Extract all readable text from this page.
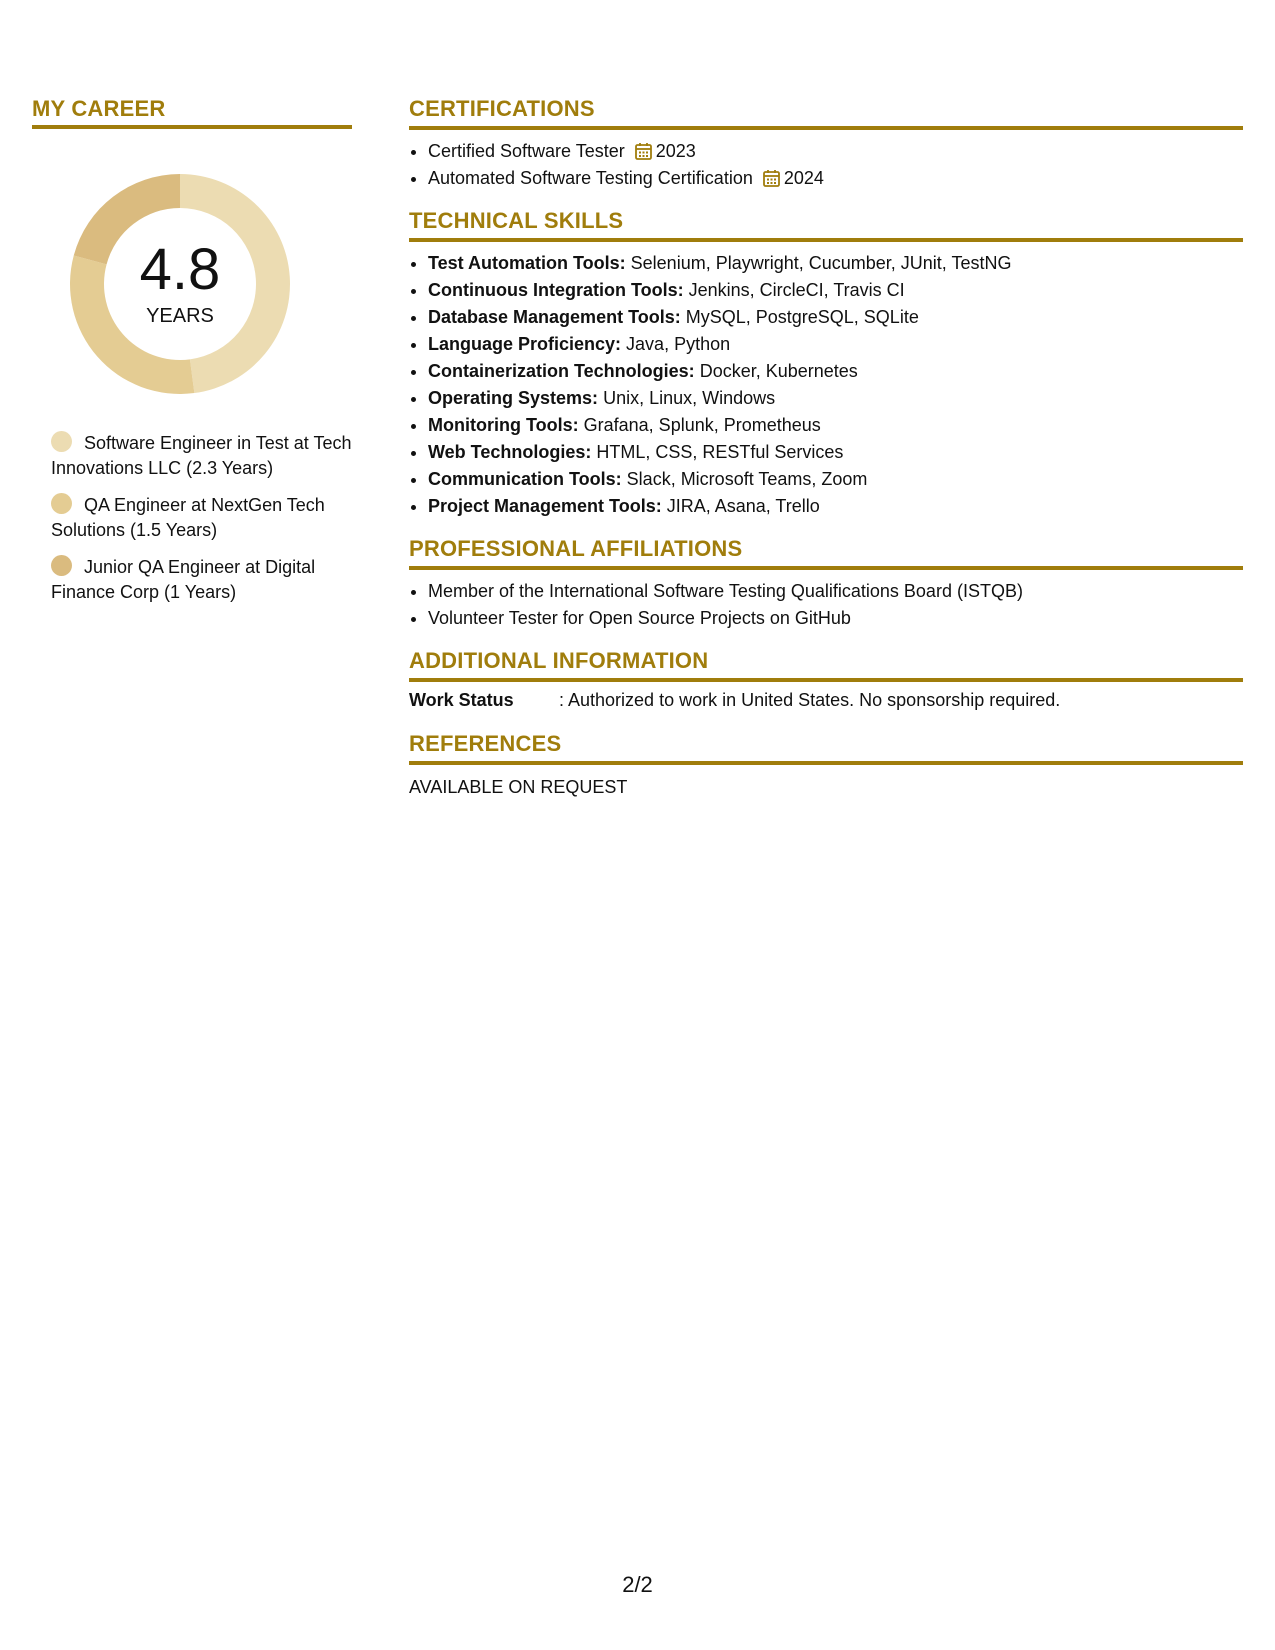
MY CAREER
4.8
YEARS
Software Engineer in Test at Tech Innovations LLC (2.3 Years)
QA Engineer at NextGen Tech Solutions (1.5 Years)
Junior QA Engineer at Digital Finance Corp (1 Years)
CERTIFICATIONS
• Certified Software Tester 2023
• Automated Software Testing Certification 2024
TECHNICAL SKILLS
• Test Automation Tools: Selenium, Playwright, Cucumber, JUnit, TestNG
• Continuous Integration Tools: Jenkins, CircleCI, Travis CI
• Database Management Tools: MySQL, PostgreSQL, SQLite
• Language Proficiency: Java, Python
• Containerization Technologies: Docker, Kubernetes
• Operating Systems: Unix, Linux, Windows
• Monitoring Tools: Grafana, Splunk, Prometheus
• Web Technologies: HTML, CSS, RESTful Services
• Communication Tools: Slack, Microsoft Teams, Zoom
• Project Management Tools: JIRA, Asana, Trello
PROFESSIONAL AFFILIATIONS
• Member of the International Software Testing Qualifications Board (ISTQB)
• Volunteer Tester for Open Source Projects on GitHub
ADDITIONAL INFORMATION
Work Status	: Authorized to work in United States. No sponsorship required.
REFERENCES

AVAILABLE ON REQUEST

2/2
